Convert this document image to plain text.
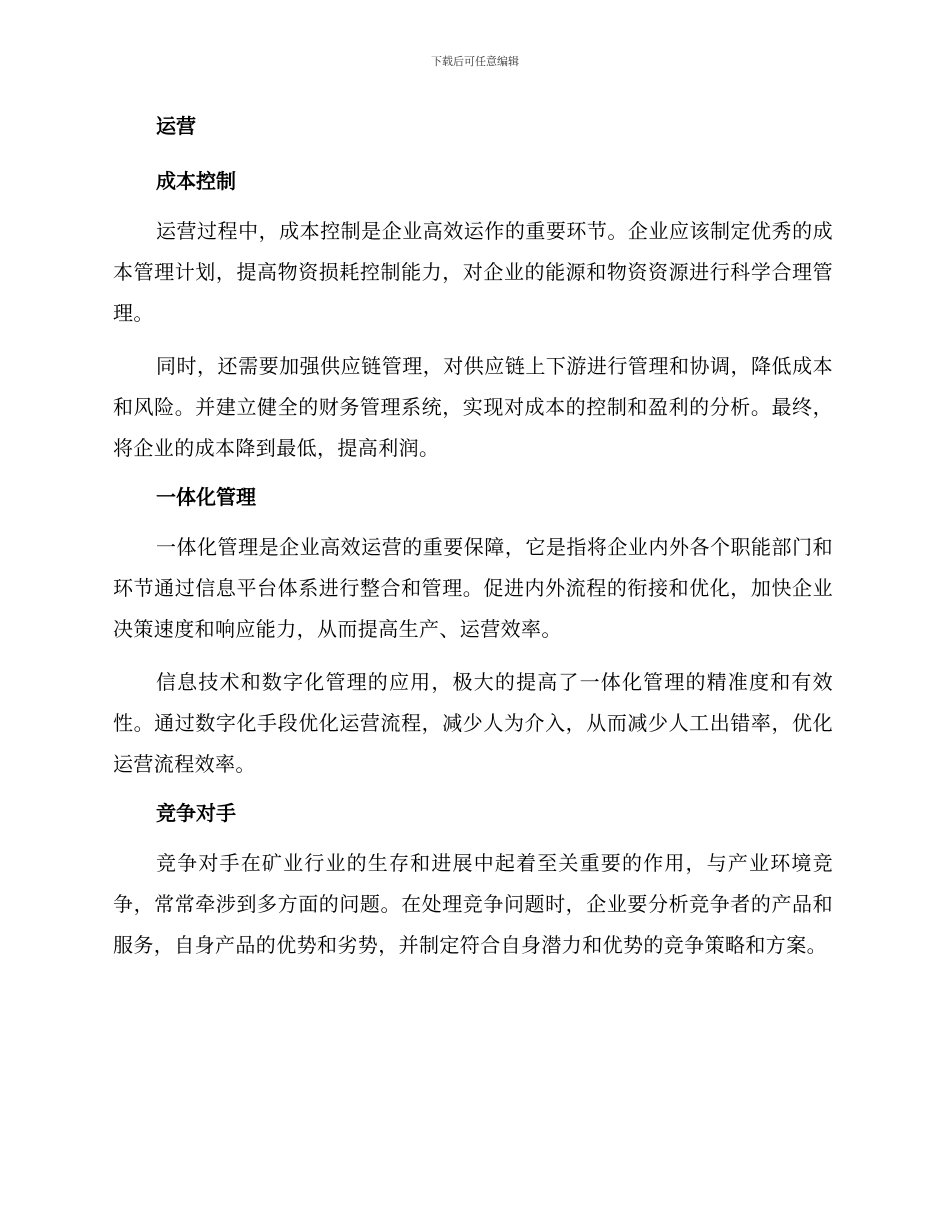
下载后可任意编辑
运营
成本控制

运营过程中，成本控制是企业高效运作的重要环节。企业应该制定优秀的成本管理计划，提高物资损耗控制能力，对企业的能源和物资资源进行科学合理管理。

同时，还需要加强供应链管理，对供应链上下游进行管理和协调，降低成本和风险。并建立健全的财务管理系统，实现对成本的控制和盈利的分析。最终，将企业的成本降到最低，提高利润。

一体化管理

一体化管理是企业高效运营的重要保障，它是指将企业内外各个职能部门和环节通过信息平台体系进行整合和管理。促进内外流程的衔接和优化，加快企业决策速度和响应能力，从而提高生产、运营效率。

信息技术和数字化管理的应用，极大的提高了一体化管理的精准度和有效性。通过数字化手段优化运营流程，减少人为介入，从而减少人工出错率，优化运营流程效率。

竞争对手

竞争对手在矿业行业的生存和进展中起着至关重要的作用，与产业环境竞争，常常牵涉到多方面的问题。在处理竞争问题时，企业要分析竞争者的产品和服务，自身产品的优势和劣势，并制定符合自身潜力和优势的竞争策略和方案。
